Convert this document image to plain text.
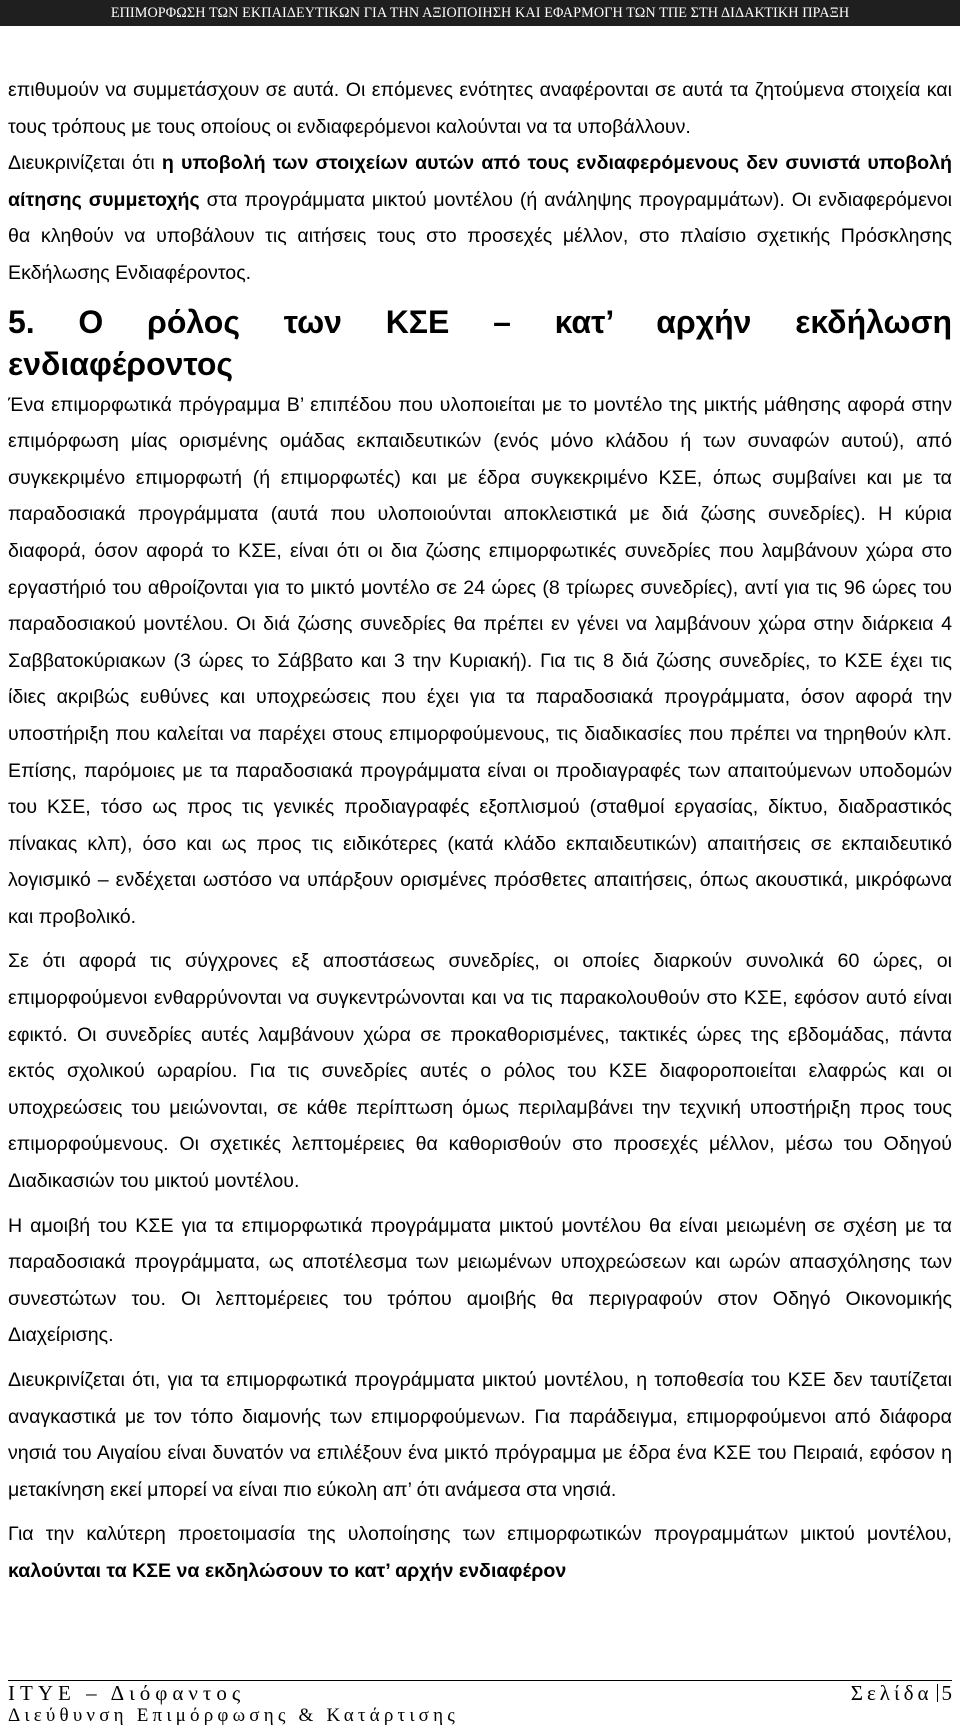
ΕΠΙΜΟΡΦΩΣΗ ΤΩΝ ΕΚΠΑΙΔΕΥΤΙΚΩΝ ΓΙΑ ΤΗΝ ΑΞΙΟΠΟΙΗΣΗ ΚΑΙ ΕΦΑΡΜΟΓΗ ΤΩΝ ΤΠΕ ΣΤΗ ΔΙΔΑΚΤΙΚΗ ΠΡΑΞΗ

επιθυμούν να συμμετάσχουν σε αυτά. Οι επόμενες ενότητες αναφέρονται σε αυτά τα ζητούμενα στοιχεία και τους τρόπους με τους οποίους οι ενδιαφερόμενοι καλούνται να τα υποβάλλουν.

Διευκρινίζεται ότι η υποβολή των στοιχείων αυτών από τους ενδιαφερόμενους δεν συνιστά υποβολή αίτησης συμμετοχής στα προγράμματα μικτού μοντέλου (ή ανάληψης προγραμμάτων). Οι ενδιαφερόμενοι θα κληθούν να υποβάλουν τις αιτήσεις τους στο προσεχές μέλλον, στο πλαίσιο σχετικής Πρόσκλησης Εκδήλωσης Ενδιαφέροντος.

5. Ο ρόλος των ΚΣΕ – κατ’ αρχήν εκδήλωση
ενδιαφέροντος

Ένα επιμορφωτικά πρόγραμμα Β’ επιπέδου που υλοποιείται με το μοντέλο της μικτής μάθησης αφορά στην επιμόρφωση μίας ορισμένης ομάδας εκπαιδευτικών (ενός μόνο κλάδου ή των συναφών αυτού), από συγκεκριμένο επιμορφωτή (ή επιμορφωτές) και με έδρα συγκεκριμένο ΚΣΕ, όπως συμβαίνει και με τα παραδοσιακά προγράμματα (αυτά που υλοποιούνται αποκλειστικά με διά ζώσης συνεδρίες). Η κύρια διαφορά, όσον αφορά το ΚΣΕ, είναι ότι οι δια ζώσης επιμορφωτικές συνεδρίες που λαμβάνουν χώρα στο εργαστήριό του αθροίζονται για το μικτό μοντέλο σε 24 ώρες (8 τρίωρες συνεδρίες), αντί για τις 96 ώρες του παραδοσιακού μοντέλου. Οι διά ζώσης συνεδρίες θα πρέπει εν γένει να λαμβάνουν χώρα στην διάρκεια 4 Σαββατοκύριακων (3 ώρες το Σάββατο και 3 την Κυριακή). Για τις 8 διά ζώσης συνεδρίες, το ΚΣΕ έχει τις ίδιες ακριβώς ευθύνες και υποχρεώσεις που έχει για τα παραδοσιακά προγράμματα, όσον αφορά την υποστήριξη που καλείται να παρέχει στους επιμορφούμενους, τις διαδικασίες που πρέπει να τηρηθούν κλπ. Επίσης, παρόμοιες με τα παραδοσιακά προγράμματα είναι οι προδιαγραφές των απαιτούμενων υποδομών του ΚΣΕ, τόσο ως προς τις γενικές προδιαγραφές εξοπλισμού (σταθμοί εργασίας, δίκτυο, διαδραστικός πίνακας κλπ), όσο και ως προς τις ειδικότερες (κατά κλάδο εκπαιδευτικών) απαιτήσεις σε εκπαιδευτικό λογισμικό – ενδέχεται ωστόσο να υπάρξουν ορισμένες πρόσθετες απαιτήσεις, όπως ακουστικά, μικρόφωνα και προβολικό.

Σε ότι αφορά τις σύγχρονες εξ αποστάσεως συνεδρίες, οι οποίες διαρκούν συνολικά 60 ώρες, οι επιμορφούμενοι ενθαρρύνονται να συγκεντρώνονται και να τις παρακολουθούν στο ΚΣΕ, εφόσον αυτό είναι εφικτό. Οι συνεδρίες αυτές λαμβάνουν χώρα σε προκαθορισμένες, τακτικές ώρες της εβδομάδας, πάντα εκτός σχολικού ωραρίου. Για τις συνεδρίες αυτές ο ρόλος του ΚΣΕ διαφοροποιείται ελαφρώς και οι υποχρεώσεις του μειώνονται, σε κάθε περίπτωση όμως περιλαμβάνει την τεχνική υποστήριξη προς τους επιμορφούμενους. Οι σχετικές λεπτομέρειες θα καθορισθούν στο προσεχές μέλλον, μέσω του Οδηγού Διαδικασιών του μικτού μοντέλου.

Η αμοιβή του ΚΣΕ για τα επιμορφωτικά προγράμματα μικτού μοντέλου θα είναι μειωμένη σε σχέση με τα παραδοσιακά προγράμματα, ως αποτέλεσμα των μειωμένων υποχρεώσεων και ωρών απασχόλησης των συνεστώτων του. Οι λεπτομέρειες του τρόπου αμοιβής θα περιγραφούν στον Οδηγό Οικονομικής Διαχείρισης.

Διευκρινίζεται ότι, για τα επιμορφωτικά προγράμματα μικτού μοντέλου, η τοποθεσία του ΚΣΕ δεν ταυτίζεται αναγκαστικά με τον τόπο διαμονής των επιμορφούμενων. Για παράδειγμα, επιμορφούμενοι από διάφορα νησιά του Αιγαίου είναι δυνατόν να επιλέξουν ένα μικτό πρόγραμμα με έδρα ένα ΚΣΕ του Πειραιά, εφόσον η μετακίνηση εκεί μπορεί να είναι πιο εύκολη απ’ ότι ανάμεσα στα νησιά.

Για την καλύτερη προετοιμασία της υλοποίησης των επιμορφωτικών προγραμμάτων μικτού μοντέλου, καλούνται τα ΚΣΕ να εκδηλώσουν το κατ’ αρχήν ενδιαφέρον

ΙΤΥΕ – Διόφαντος	Σελίδα 5
Διεύθυνση Επιμόρφωσης & Κατάρτισης
